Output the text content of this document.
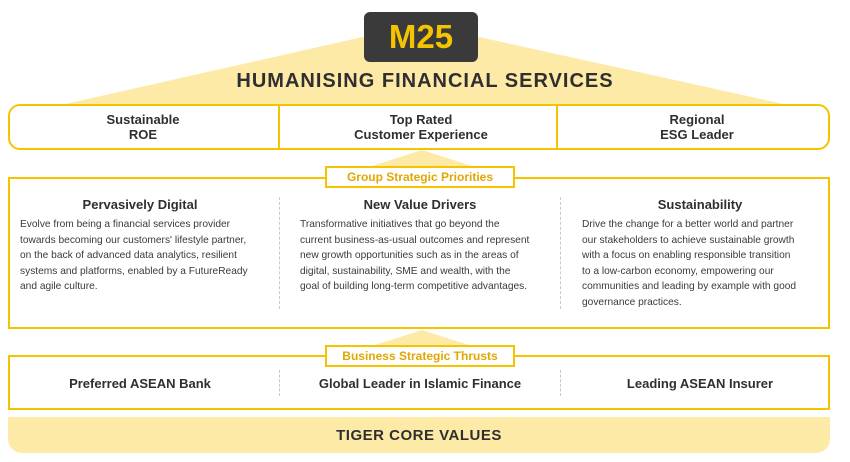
M25
HUMANISING FINANCIAL SERVICES
Sustainable
ROE
Top Rated
Customer Experience
Regional
ESG Leader
Group Strategic Priorities
Pervasively Digital
Evolve from being a financial services provider
towards becoming our customers' lifestyle partner,
on the back of advanced data analytics, resilient
systems and platforms, enabled by a FutureReady
and agile culture.
New Value Drivers
Transformative initiatives that go beyond the
current business-as-usual outcomes and represent
new growth opportunities such as in the areas of
digital, sustainability, SME and wealth, with the
goal of building long-term competitive advantages.
Sustainability
Drive the change for a better world and partner
our stakeholders to achieve sustainable growth
with a focus on enabling responsible transition
to a low-carbon economy, empowering our
communities and leading by example with good
governance practices.
Business Strategic Thrusts
Preferred ASEAN Bank	Global Leader in Islamic Finance	Leading ASEAN Insurer
TIGER CORE VALUES
